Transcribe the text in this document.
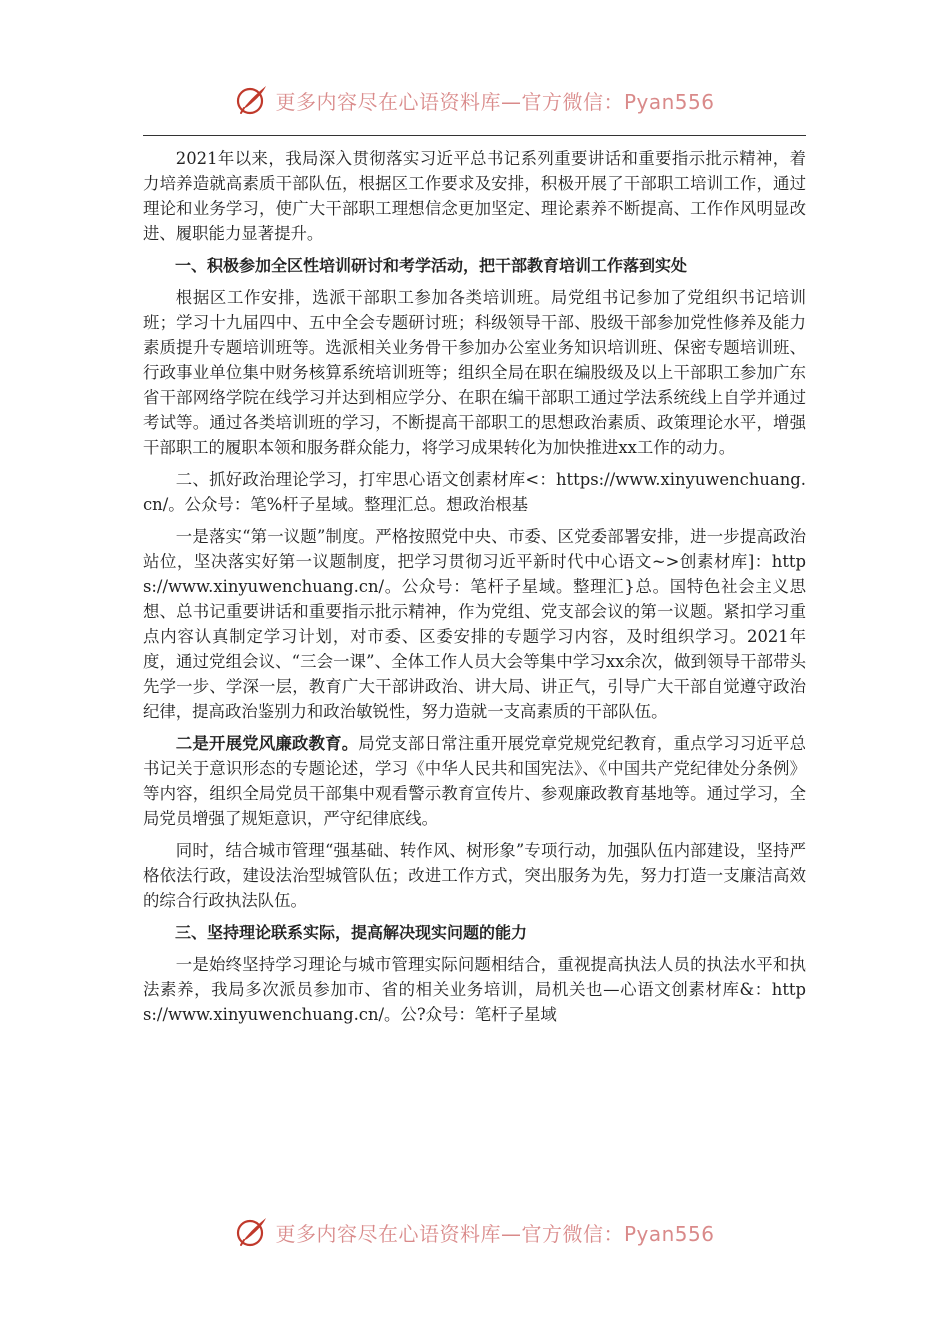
更多内容尽在心语资料库—官方微信：Pyan556

2021年以来，我局深入贯彻落实习近平总书记系列重要讲话和重要指示批示精神，着力培养造就高素质干部队伍，根据区工作要求及安排，积极开展了干部职工培训工作，通过理论和业务学习，使广大干部职工理想信念更加坚定、理论素养不断提高、工作作风明显改进、履职能力显著提升。

一、积极参加全区性培训研讨和考学活动，把干部教育培训工作落到实处

根据区工作安排，选派干部职工参加各类培训班。局党组书记参加了党组织书记培训班；学习十九届四中、五中全会专题研讨班；科级领导干部、股级干部参加党性修养及能力素质提升专题培训班等。选派相关业务骨干参加办公室业务知识培训班、保密专题培训班、行政事业单位集中财务核算系统培训班等；组织全局在职在编股级及以上干部职工参加广东省干部网络学院在线学习并达到相应学分、在职在编干部职工通过学法系统线上自学并通过考试等。通过各类培训班的学习，不断提高干部职工的思想政治素质、政策理论水平，增强干部职工的履职本领和服务群众能力，将学习成果转化为加快推进xx工作的动力。

二、抓好政治理论学习，打牢思心语文创素材库<：https://www.xinyuwenchuang.cn/。公众号：笔%杆子星域。整理汇总。想政治根基

一是落实“第一议题”制度。严格按照党中央、市委、区党委部署安排，进一步提高政治站位，坚决落实好第一议题制度，把学习贯彻习近平新时代中心语文~>创素材库]：https://www.xinyuwenchuang.cn/。公众号：笔杆子星域。整理汇}总。国特色社会主义思想、总书记重要讲话和重要指示批示精神，作为党组、党支部会议的第一议题。紧扣学习重点内容认真制定学习计划，对市委、区委安排的专题学习内容，及时组织学习。2021年度，通过党组会议、“三会一课”、全体工作人员大会等集中学习xx余次，做到领导干部带头先学一步、学深一层，教育广大干部讲政治、讲大局、讲正气，引导广大干部自觉遵守政治纪律，提高政治鉴别力和政治敏锐性，努力造就一支高素质的干部队伍。

二是开展党风廉政教育。局党支部日常注重开展党章党规党纪教育，重点学习习近平总书记关于意识形态的专题论述，学习《中华人民共和国宪法》、《中国共产党纪律处分条例》等内容，组织全局党员干部集中观看警示教育宣传片、参观廉政教育基地等。通过学习，全局党员增强了规矩意识，严守纪律底线。

同时，结合城市管理“强基础、转作风、树形象”专项行动，加强队伍内部建设，坚持严格依法行政，建设法治型城管队伍；改进工作方式，突出服务为先，努力打造一支廉洁高效的综合行政执法队伍。

三、坚持理论联系实际，提高解决现实问题的能力

一是始终坚持学习理论与城市管理实际问题相结合，重视提高执法人员的执法水平和执法素养，我局多次派员参加市、省的相关业务培训，局机关也—心语文创素材库&：https://www.xinyuwenchuang.cn/。公?众号：笔杆子星域

更多内容尽在心语资料库—官方微信：Pyan556
